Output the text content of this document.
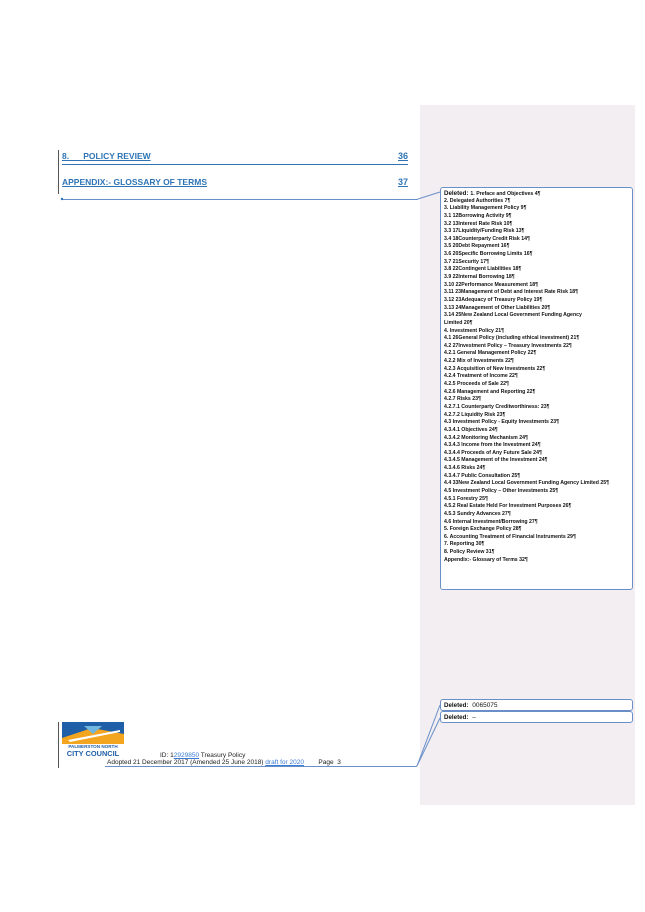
8. POLICY REVIEW	36
APPENDIX:- GLOSSARY OF TERMS	37
Deleted: 1. Preface and Objectives 4¶
2. Delegated Authorities 7¶
3. Liability Management Policy 9¶
3.1 12Borrowing Activity 9¶
3.2 13Interest Rate Risk 10¶
3.3 17Liquidity/Funding Risk 13¶
3.4 18Counterparty Credit Risk 14¶
3.5 20Debt Repayment 16¶
3.6 20Specific Borrowing Limits 16¶
3.7 21Security 17¶
3.8 22Contingent Liabilities 18¶
3.9 22Internal Borrowing 18¶
3.10 22Performance Measurement 18¶
3.11 23Management of Debt and Interest Rate Risk 18¶
3.12 23Adequacy of Treasury Policy 19¶
3.13 24Management of Other Liabilities 20¶
3.14 25New Zealand Local Government Funding Agency
Limited 20¶
4. Investment Policy 21¶
4.1 26General Policy (including ethical investment) 21¶
4.2 27Investment Policy – Treasury Investments 22¶
4.2.1 General Management Policy 22¶
4.2.2 Mix of Investments 22¶
4.2.3 Acquisition of New Investments 22¶
4.2.4 Treatment of Income 22¶
4.2.5 Proceeds of Sale 22¶
4.2.6 Management and Reporting 22¶
4.2.7 Risks 23¶
4.2.7.1 Counterparty Creditworthiness: 23¶
4.2.7.2 Liquidity Risk 23¶
4.3 Investment Policy - Equity Investments 23¶
4.3.4.1 Objectives 24¶
4.3.4.2 Monitoring Mechanism 24¶
4.3.4.3 Income from the Investment 24¶
4.3.4.4 Proceeds of Any Future Sale 24¶
4.3.4.5 Management of the Investment 24¶
4.3.4.6 Risks 24¶
4.3.4.7 Public Consultation 25¶
4.4 33New Zealand Local Government Funding Agency Limited 25¶
4.5 Investment Policy – Other Investments 25¶
4.5.1 Forestry 25¶
4.5.2 Real Estate Held For Investment Purposes 26¶
4.5.3 Sundry Advances 27¶
4.6 Internal Investment/Borrowing 27¶
5. Foreign Exchange Policy 28¶
6. Accounting Treatment of Financial Instruments 29¶
7. Reporting 30¶
8. Policy Review 31¶
Appendix:- Glossary of Terms 32¶
Deleted: 0065075
Deleted: –
PALMERSTON NORTH
CITY COUNCIL	ID: 12929850 Treasury Policy
Adopted 21 December 2017 (Amended 25 June 2018) draft for 2020 Page 3
